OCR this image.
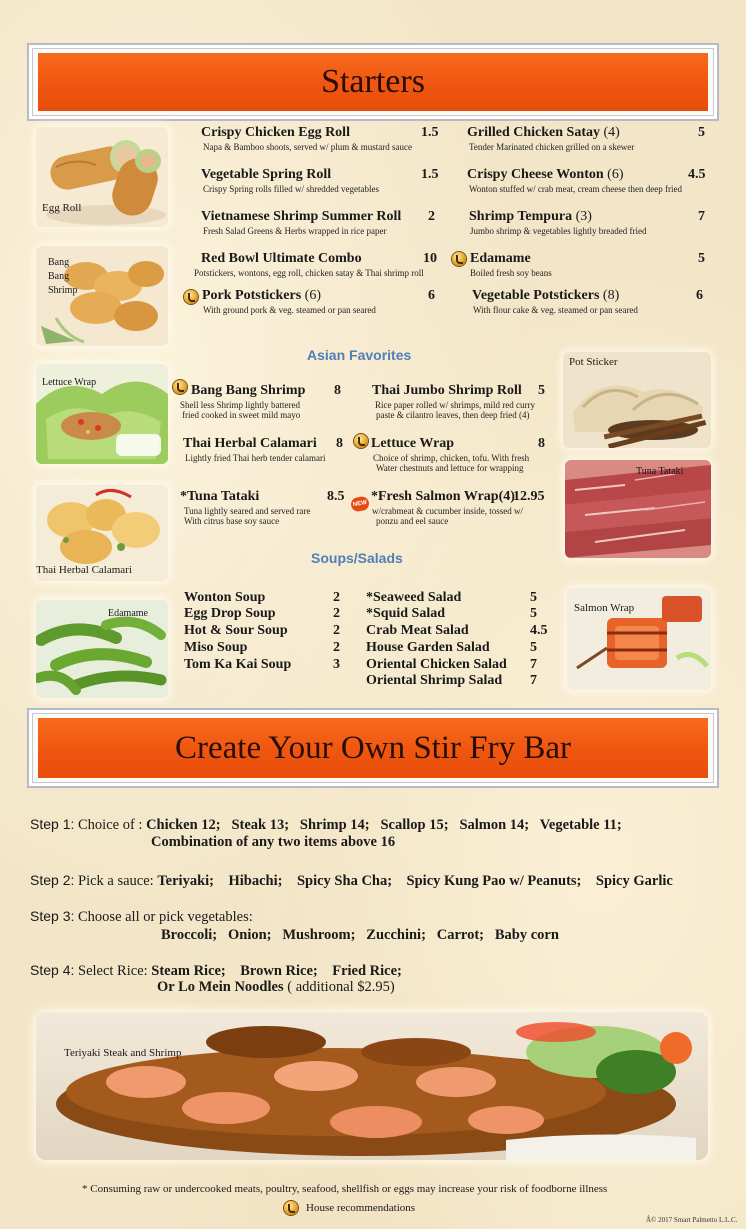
Starters
Egg Roll
Bang
Bang
Shrimp
Crispy Chicken Egg Roll	1.5
Napa & Bamboo shoots, served w/ plum & mustard sauce
Grilled Chicken Satay (4)	5
Tender Marinated chicken grilled on a skewer
Vegetable Spring Roll	1.5
Crispy Spring rolls filled w/ shredded vegetables
Crispy Cheese Wonton (6)	4.5
Wonton stuffed w/ crab meat, cream cheese then deep fried
Vietnamese Shrimp Summer Roll 2
Fresh Salad Greens & Herbs wrapped in rice paper
Shrimp Tempura (3)	7
Jumbo shrimp & vegetables lightly breaded fried
Red Bowl Ultimate Combo	10
Potstickers, wontons, egg roll, chicken satay & Thai shrimp roll
Edamame	5
Boiled fresh soy beans
Pork Potstickers (6)	6
With ground pork & veg. steamed or pan seared
Vegetable Potstickers (8)	6
With flour cake & veg. steamed or pan seared
Asian Favorites
Lettuce Wrap
Pot Sticker
Bang Bang Shrimp 8
Shell less Shrimp lightly battered
fried cooked in sweet mild mayo
Thai Jumbo Shrimp Roll 5
Rice paper rolled w/ shrimps, mild red curry
paste & cilantro leaves, then deep fried (4)
Thai Herbal Calamari 8
Lightly fried Thai herb tender calamari
Lettuce Wrap	8
Choice of shrimp, chicken, tofu. With fresh
Water chestnuts and lettuce for wrapping	Tuna Tataki
Thai Herbal Calamari
*Tuna Tataki	8.5
Tuna lightly seared and served rare
With citrus base soy sauce
NEW *Fresh Salmon Wrap(4)
12.95
w/crabmeat & cucumber inside, tossed w/
ponzu and eel sauce
Soups/Salads
Edamame	Salmon Wrap
Wonton Soup	2
Egg Drop Soup	2
Hot & Sour Soup	2
Miso Soup	2
Tom Ka Kai Soup	3
*Seaweed Salad	5
*Squid Salad	5
Crab Meat Salad	4.5
House Garden Salad	5
Oriental Chicken Salad 7
Oriental Shrimp Salad 7
Create Your Own Stir Fry Bar
Step 1: Choice of : Chicken 12;   Steak 13;   Shrimp 14;   Scallop 15;   Salmon 14;   Vegetable 11;
Combination of any two items above 16
Step 2: Pick a sauce: Teriyaki;    Hibachi;    Spicy Sha Cha;    Spicy Kung Pao w/ Peanuts;    Spicy Garlic
Step 3: Choose all or pick vegetables:
Broccoli;   Onion;   Mushroom;   Zucchini;   Carrot;   Baby corn
Step 4: Select Rice: Steam Rice;    Brown Rice;    Fried Rice;
Or Lo Mein Noodles ( additional $2.95)
Teriyaki Steak and Shrimp
* Consuming raw or undercooked meats, poultry, seafood, shellfish or eggs may increase your risk of foodborne illness
House recommendations
Â© 2017 Smart Palmetto L.L.C.
